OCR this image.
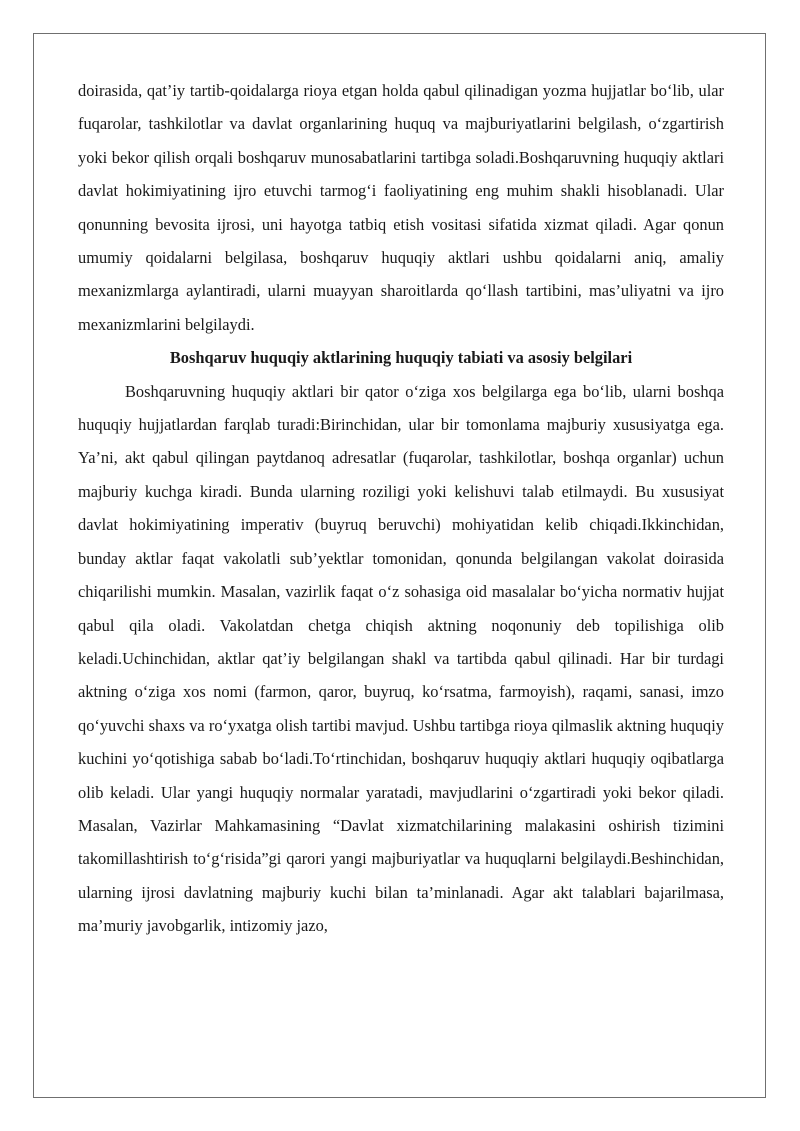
doirasida, qat’iy tartib-qoidalarga rioya etgan holda qabul qilinadigan yozma hujjatlar bo‘lib, ular fuqarolar, tashkilotlar va davlat organlarining huquq va majburiyatlarini belgilash, o‘zgartirish yoki bekor qilish orqali boshqaruv munosabatlarini tartibga soladi.Boshqaruvning huquqiy aktlari davlat hokimiyatining ijro etuvchi tarmog‘i faoliyatining eng muhim shakli hisoblanadi. Ular qonunning bevosita ijrosi, uni hayotga tatbiq etish vositasi sifatida xizmat qiladi. Agar qonun umumiy qoidalarni belgilasa, boshqaruv huquqiy aktlari ushbu qoidalarni aniq, amaliy mexanizmlarga aylantiradi, ularni muayyan sharoitlarda qo‘llash tartibini, mas’uliyatni va ijro mexanizmlarini belgilaydi.

Boshqaruv huquqiy aktlarining huquqiy tabiati va asosiy belgilari

Boshqaruvning huquqiy aktlari bir qator o‘ziga xos belgilarga ega bo‘lib, ularni boshqa huquqiy hujjatlardan farqlab turadi:Birinchidan, ular bir tomonlama majburiy xususiyatga ega. Ya’ni, akt qabul qilingan paytdanoq adresatlar (fuqarolar, tashkilotlar, boshqa organlar) uchun majburiy kuchga kiradi. Bunda ularning roziligi yoki kelishuvi talab etilmaydi. Bu xususiyat davlat hokimiyatining imperativ (buyruq beruvchi) mohiyatidan kelib chiqadi.Ikkinchidan, bunday aktlar faqat vakolatli sub’yektlar tomonidan, qonunda belgilangan vakolat doirasida chiqarilishi mumkin. Masalan, vazirlik faqat o‘z sohasiga oid masalalar bo‘yicha normativ hujjat qabul qila oladi. Vakolatdan chetga chiqish aktning noqonuniy deb topilishiga olib keladi.Uchinchidan, aktlar qat’iy belgilangan shakl va tartibda qabul qilinadi. Har bir turdagi aktning o‘ziga xos nomi (farmon, qaror, buyruq, ko‘rsatma, farmoyish), raqami, sanasi, imzo qo‘yuvchi shaxs va ro‘yxatga olish tartibi mavjud. Ushbu tartibga rioya qilmaslik aktning huquqiy kuchini yo‘qotishiga sabab bo‘ladi.To‘rtinchidan, boshqaruv huquqiy aktlari huquqiy oqibatlarga olib keladi. Ular yangi huquqiy normalar yaratadi, mavjudlarini o‘zgartiradi yoki bekor qiladi. Masalan, Vazirlar Mahkamasining “Davlat xizmatchilarining malakasini oshirish tizimini takomillashtirish to‘g‘risida”gi qarori yangi majburiyatlar va huquqlarni belgilaydi.Beshinchidan, ularning ijrosi davlatning majburiy kuchi bilan ta’minlanadi. Agar akt talablari bajarilmasa, ma’muriy javobgarlik, intizomiy jazo,
